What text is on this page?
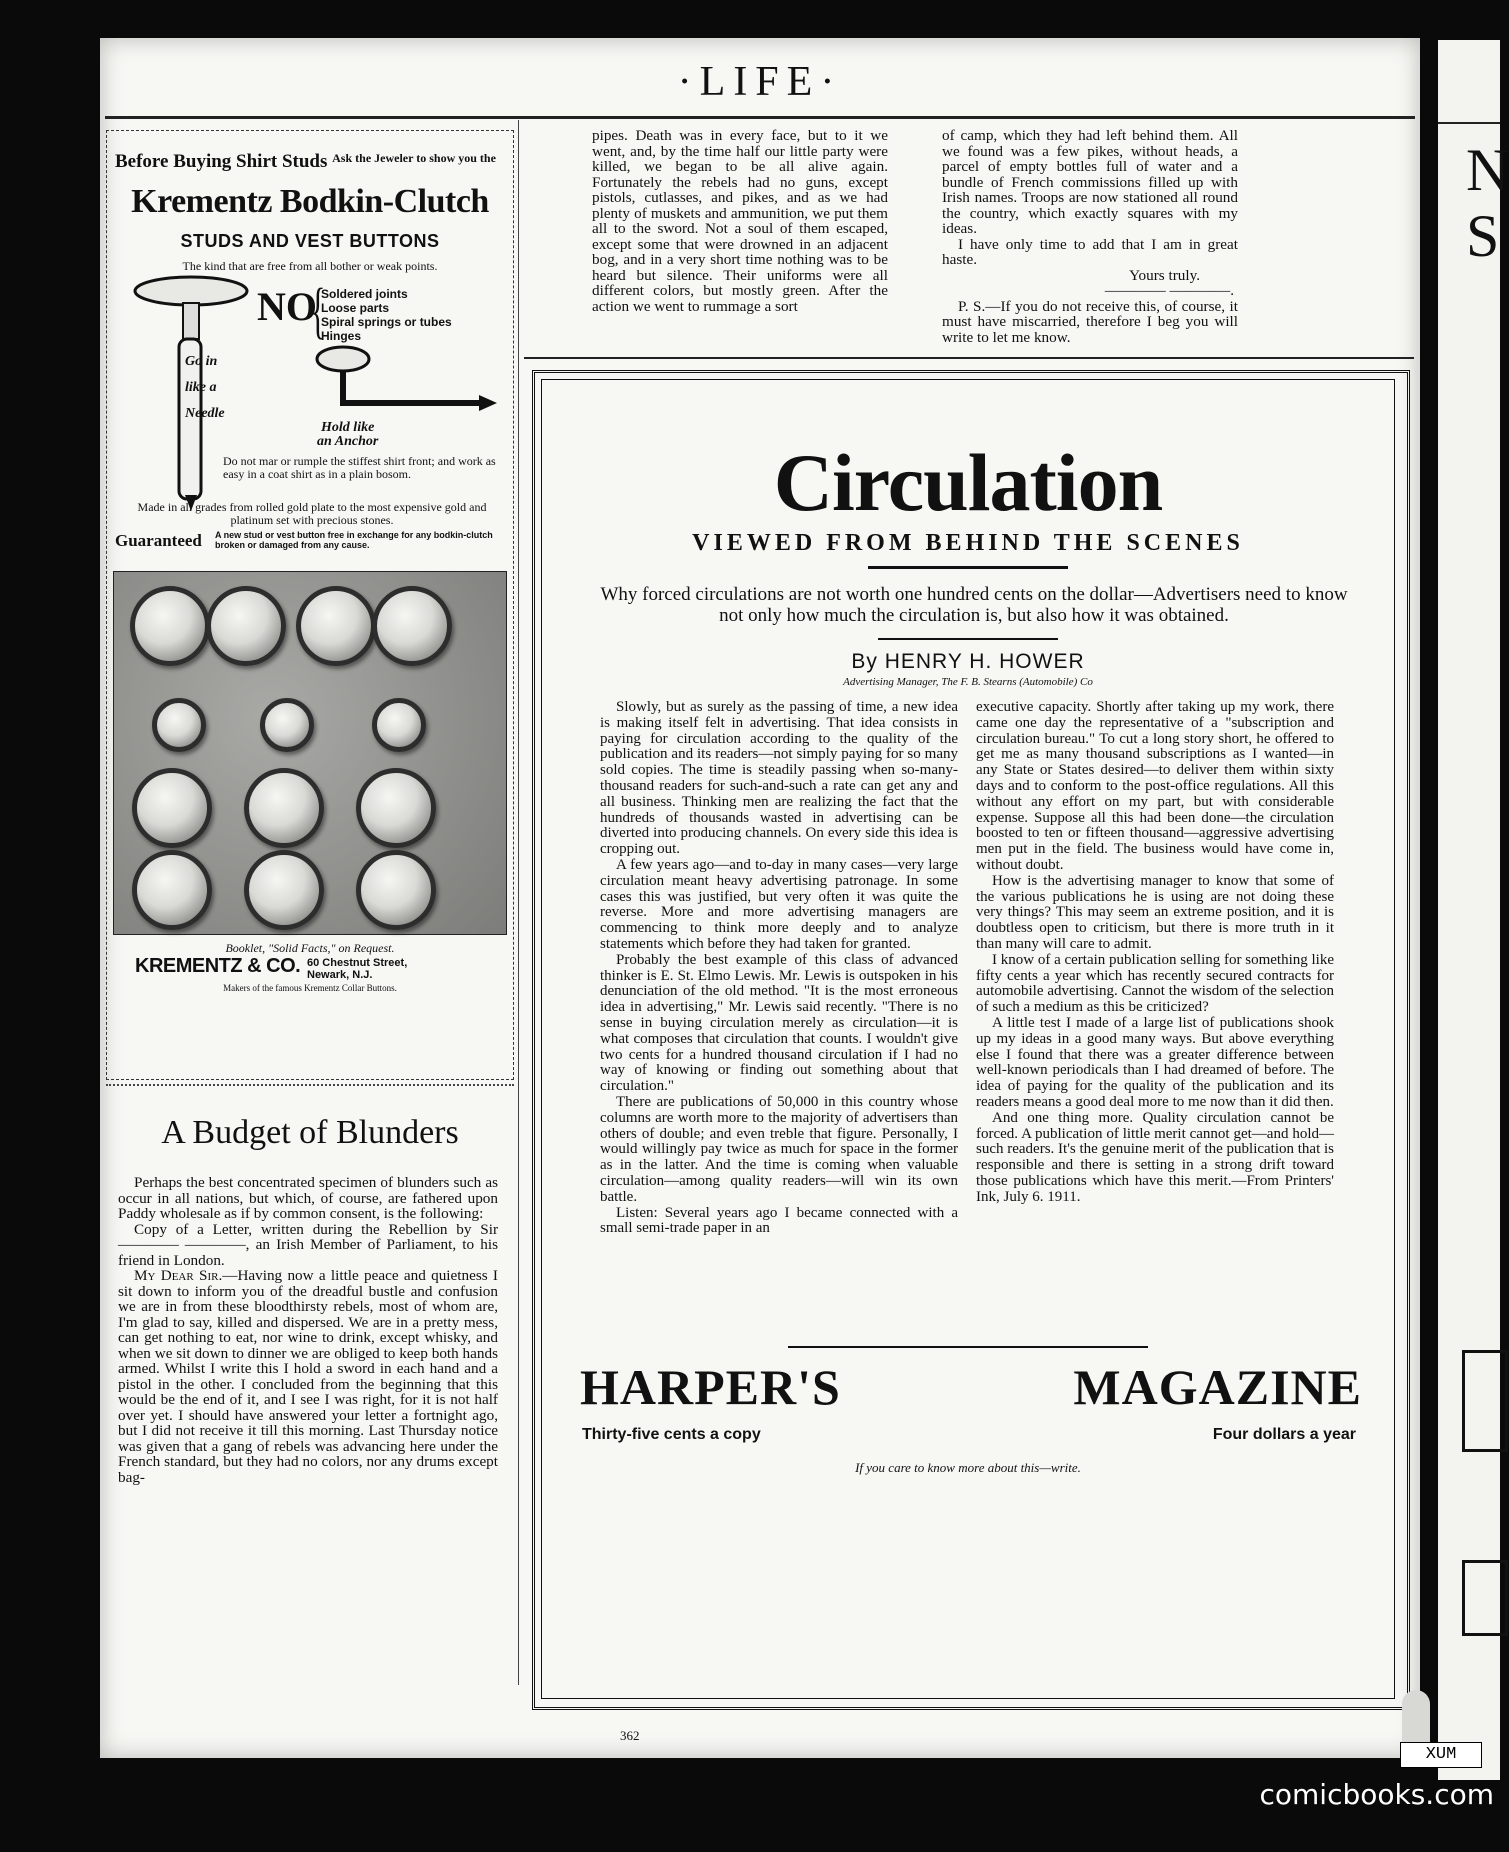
·LIFE·
Before Buying Shirt Studs $^{Ask the Jeweler to show you the}$
Krementz Bodkin-Clutch
STUDS AND VEST BUTTONS
The kind that are free from all bother or weak points.
NO
{
Soldered joints
Loose parts
Spiral springs or tubes
Hinges
Go in
like a
Needle
Hold like
an Anchor
Do not mar or rumple the stiffest shirt front; and work as easy in a coat shirt as in a plain bosom.
Made in all grades from rolled gold plate to the most expensive gold and platinum set with precious stones.
Guaranteed A new stud or vest button free in exchange for any bodkin-clutch broken or damaged from any cause.
Booklet, "Solid Facts," on Request.
KREMENTZ & CO. 60 Chestnut Street,
Newark, N.J.
Makers of the famous Krementz Collar Buttons.
A Budget of Blunders

Perhaps the best concentrated specimen of blunders such as occur in all nations, but which, of course, are fathered upon Paddy wholesale as if by common consent, is the following:

Copy of a Letter, written during the Rebellion by Sir ———— ————, an Irish Member of Parliament, to his friend in London.

My Dear Sir.—Having now a little peace and quietness I sit down to inform you of the dreadful bustle and confusion we are in from these bloodthirsty rebels, most of whom are, I'm glad to say, killed and dispersed. We are in a pretty mess, can get nothing to eat, nor wine to drink, except whisky, and when we sit down to dinner we are obliged to keep both hands armed. Whilst I write this I hold a sword in each hand and a pistol in the other. I concluded from the beginning that this would be the end of it, and I see I was right, for it is not half over yet. I should have answered your letter a fortnight ago, but I did not receive it till this morning. Last Thursday notice was given that a gang of rebels was advancing here under the French standard, but they had no colors, nor any drums except bag-

pipes. Death was in every face, but to it we went, and, by the time half our little party were killed, we began to be all alive again. Fortunately the rebels had no guns, except pistols, cutlasses, and pikes, and as we had plenty of muskets and ammunition, we put them all to the sword. Not a soul of them escaped, except some that were drowned in an adjacent bog, and in a very short time nothing was to be heard but silence. Their uniforms were all different colors, but mostly green. After the action we went to rummage a sort

of camp, which they had left behind them. All we found was a few pikes, without heads, a parcel of empty bottles full of water and a bundle of French commissions filled up with Irish names. Troops are now stationed all round the country, which exactly squares with my ideas.

I have only time to add that I am in great haste.

Yours truly.

———— ————.

P. S.—If you do not receive this, of course, it must have miscarried, therefore I beg you will write to let me know.

Circulation
VIEWED FROM BEHIND THE SCENES
Why forced circulations are not worth one hundred cents on the dollar—Advertisers need to know not only how much the circulation is, but also how it was obtained.
By HENRY H. HOWER
Advertising Manager, The F. B. Stearns (Automobile) Co

Slowly, but as surely as the passing of time, a new idea is making itself felt in advertising. That idea consists in paying for circulation according to the quality of the publication and its readers—not simply paying for so many sold copies. The time is steadily passing when so-many-thousand readers for such-and-such a rate can get any and all business. Thinking men are realizing the fact that the hundreds of thousands wasted in advertising can be diverted into producing channels. On every side this idea is cropping out.

A few years ago—and to-day in many cases—very large circulation meant heavy advertising patronage. In some cases this was justified, but very often it was quite the reverse. More and more advertising managers are commencing to think more deeply and to analyze statements which before they had taken for granted.

Probably the best example of this class of advanced thinker is E. St. Elmo Lewis. Mr. Lewis is outspoken in his denunciation of the old method. "It is the most erroneous idea in advertising," Mr. Lewis said recently. "There is no sense in buying circulation merely as circulation—it is what composes that circulation that counts. I wouldn't give two cents for a hundred thousand circulation if I had no way of knowing or finding out something about that circulation."

There are publications of 50,000 in this country whose columns are worth more to the majority of advertisers than others of double; and even treble that figure. Personally, I would willingly pay twice as much for space in the former as in the latter. And the time is coming when valuable circulation—among quality readers—will win its own battle.

Listen: Several years ago I became connected with a small semi-trade paper in an

executive capacity. Shortly after taking up my work, there came one day the representative of a "subscription and circulation bureau." To cut a long story short, he offered to get me as many thousand subscriptions as I wanted—in any State or States desired—to deliver them within sixty days and to conform to the post-office regulations. All this without any effort on my part, but with considerable expense. Suppose all this had been done—the circulation boosted to ten or fifteen thousand—aggressive advertising men put in the field. The business would have come in, without doubt.

How is the advertising manager to know that some of the various publications he is using are not doing these very things? This may seem an extreme position, and it is doubtless open to criticism, but there is more truth in it than many will care to admit.

I know of a certain publication selling for something like fifty cents a year which has recently secured contracts for automobile advertising. Cannot the wisdom of the selection of such a medium as this be criticized?

A little test I made of a large list of publications shook up my ideas in a good many ways. But above everything else I found that there was a greater difference between well-known periodicals than I had dreamed of before. The idea of paying for the quality of the publication and its readers means a good deal more to me now than it did then.

And one thing more. Quality circulation cannot be forced. A publication of little merit cannot get—and hold—such readers. It's the genuine merit of the publication that is responsible and there is setting in a strong drift toward those publications which have this merit.—From Printers' Ink, July 6. 1911.

HARPER'S	MAGAZINE
Thirty-five cents a copy	Four dollars a year
If you care to know more about this—write.
362
N
S
XUM
comicbooks.com
